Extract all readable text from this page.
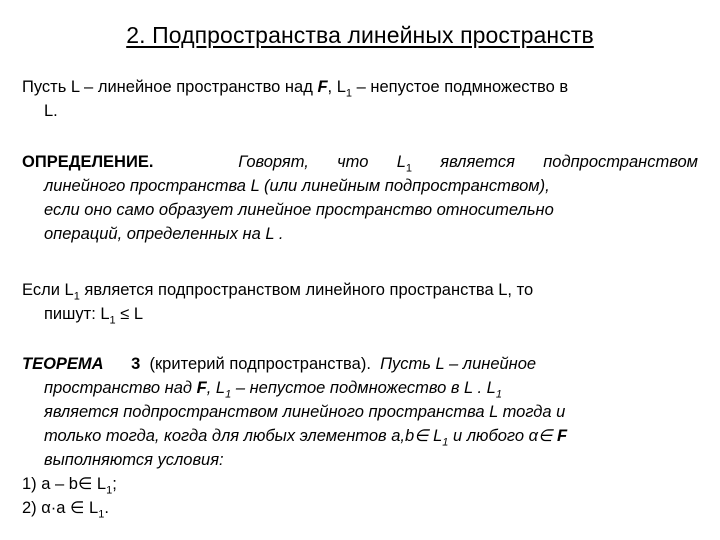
2. Подпространства линейных пространств
Пусть L – линейное пространство над F, $L_1$ – непустое подмножество в
L.
ОПРЕДЕЛЕНИЕ.	Говорят, что $L_1$ является подпространством
линейного пространства L (или линейным подпространством),
если оно само образует линейное пространство относительно
операций, определенных на L .
Если $L_1$ является подпространством линейного пространства L, то
пишут: $L_1 \le L$
ТЕОРЕМА 3 (критерий подпространства). Пусть L – линейное
пространство над F, $L_1$ – непустое подмножество в L . $L_1$
является подпространством линейного пространства L тогда и
только тогда, когда для любых элементов a,b∈ $L_1$ и любого α∈ F
выполняются условия:
1) a – b∈ $L_1$;
2) α·a ∈ $L_1$.
